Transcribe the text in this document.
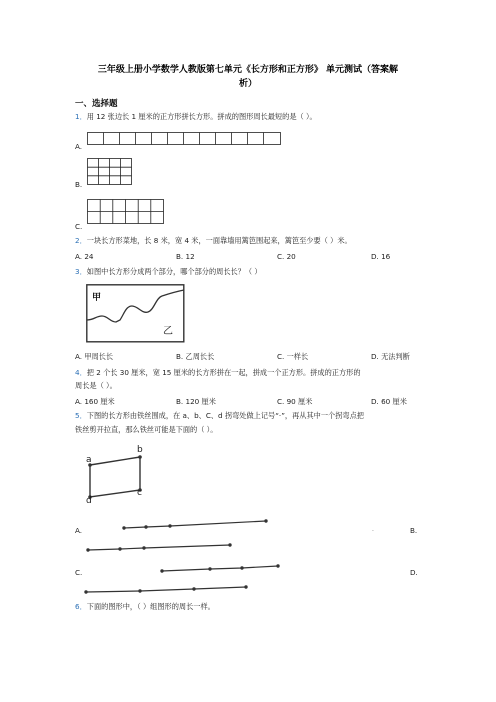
三年级上册小学数学人教版第七单元《长方形和正方形》 单元测试（答案解
析）
一、选择题
1．用 12 张边长 1 厘米的正方形拼长方形。拼成的图形周长最短的是（ ）。
A.
B.
C.
2．一块长方形菜地，长 8 米，宽 4 米，一面靠墙用篱笆围起来，篱笆至少要（ ）米。
A. 24	B. 12	C. 20	D. 16
3．如图中长方形分成两个部分，哪个部分的周长长？（ ）
甲
乙
A. 甲周长长	B. 乙周长长	C. 一样长	D. 无法判断
4．把 2 个长 30 厘米，宽 15 厘米的长方形拼在一起，拼成一个正方形。拼成的正方形的
周长是（ ）。
A. 160 厘米	B. 120 厘米	C. 90 厘米	D. 60 厘米
5．下图的长方形由铁丝围成，在 a、b、C、d 拐弯处做上记号“·”，再从其中一个拐弯点把
铁丝剪开拉直，那么铁丝可能是下面的（ ）。
a
b
c
d
A.	.	B.
C.	D.
6．下面的图形中，（ ）组图形的周长一样。
